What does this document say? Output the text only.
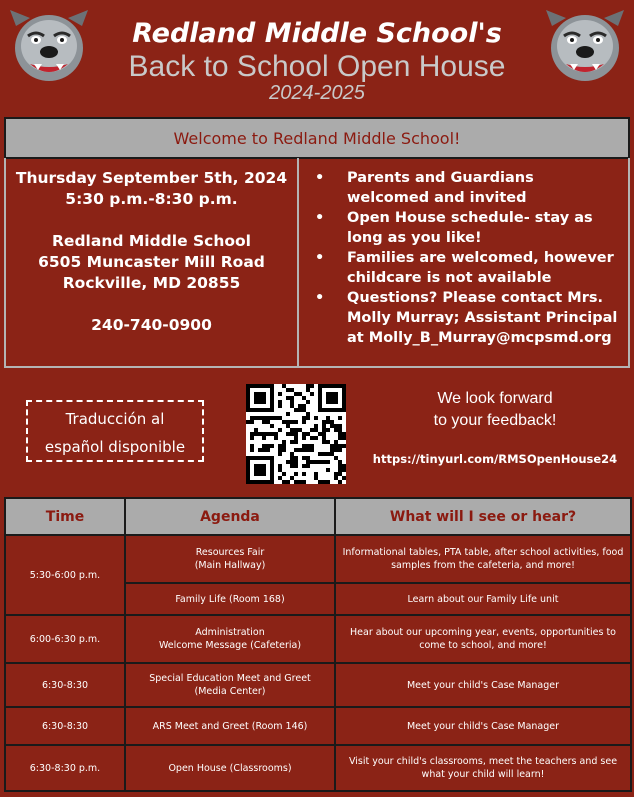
Redland Middle School's
Back to School Open House
2024-2025
Welcome to Redland Middle School!
Thursday September 5th, 2024
5:30 p.m.-8:30 p.m.
Redland Middle School
6505 Muncaster Mill Road
Rockville, MD 20855
240-740-0900
• Parents and Guardians welcomed and invited
• Open House schedule- stay as long as you like!
• Families are welcomed, however childcare is not available
• Questions? Please contact Mrs. Molly Murray; Assistant Principal at Molly_B_Murray@mcpsmd.org
Traducción al
español disponible
We look forward
to your feedback!
https://tinyurl.com/RMSOpenHouse24
Time	Agenda	What will I see or hear?
5:30-6:00 p.m.	Resources Fair
(Main Hallway)	Informational tables, PTA table, after school activities, food samples from the cafeteria, and more!

	Family Life (Room 168)	Learn about our Family Life unit
6:00-6:30 p.m.	Administration
Welcome Message (Cafeteria)	Hear about our upcoming year, events, opportunities to come to school, and more!
6:30-8:30	Special Education Meet and Greet
(Media Center)	Meet your child's Case Manager
6:30-8:30	ARS Meet and Greet (Room 146)	Meet your child's Case Manager
6:30-8:30 p.m.	Open House (Classrooms)	Visit your child's classrooms, meet the teachers and see what your child will learn!
